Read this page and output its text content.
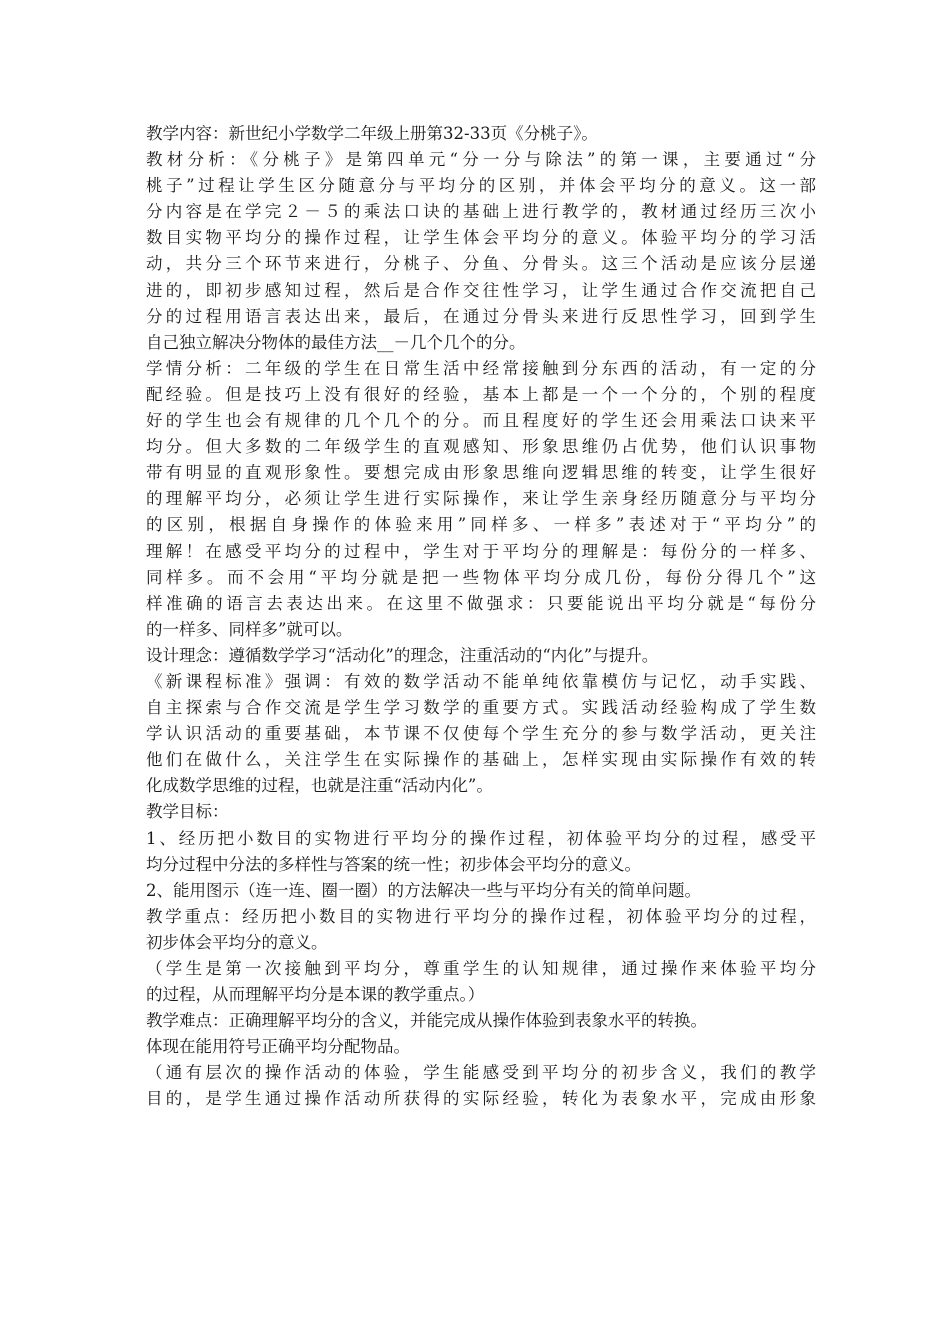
教学内容：新世纪小学数学二年级上册第32-33页《分桃子》。
教材分析：《分桃子》是第四单元“分一分与除法”的第一课，主要通过“分
桃子”过程让学生区分随意分与平均分的区别，并体会平均分的意义。这一部
分内容是在学完２－５的乘法口诀的基础上进行教学的，教材通过经历三次小
数目实物平均分的操作过程，让学生体会平均分的意义。体验平均分的学习活
动，共分三个环节来进行，分桃子、分鱼、分骨头。这三个活动是应该分层递
进的，即初步感知过程，然后是合作交往性学习，让学生通过合作交流把自己
分的过程用语言表达出来，最后，在通过分骨头来进行反思性学习，回到学生
自己独立解决分物体的最佳方法__－几个几个的分。
学情分析：二年级的学生在日常生活中经常接触到分东西的活动，有一定的分
配经验。但是技巧上没有很好的经验，基本上都是一个一个分的，个别的程度
好的学生也会有规律的几个几个的分。而且程度好的学生还会用乘法口诀来平
均分。但大多数的二年级学生的直观感知、形象思维仍占优势，他们认识事物
带有明显的直观形象性。要想完成由形象思维向逻辑思维的转变，让学生很好
的理解平均分，必须让学生进行实际操作，来让学生亲身经历随意分与平均分
的区别，根据自身操作的体验来用”同样多、一样多”表述对于“平均分”的
理解！在感受平均分的过程中，学生对于平均分的理解是：每份分的一样多、
同样多。而不会用“平均分就是把一些物体平均分成几份，每份分得几个”这
样准确的语言去表达出来。在这里不做强求：只要能说出平均分就是“每份分
的一样多、同样多”就可以。
设计理念：遵循数学学习“活动化”的理念，注重活动的“内化”与提升。
《新课程标准》强调：有效的数学活动不能单纯依靠模仿与记忆，动手实践、
自主探索与合作交流是学生学习数学的重要方式。实践活动经验构成了学生数
学认识活动的重要基础，本节课不仅使每个学生充分的参与数学活动，更关注
他们在做什么，关注学生在实际操作的基础上，怎样实现由实际操作有效的转
化成数学思维的过程，也就是注重“活动内化”。
教学目标：
1、经历把小数目的实物进行平均分的操作过程，初体验平均分的过程，感受平
均分过程中分法的多样性与答案的统一性；初步体会平均分的意义。
2、能用图示（连一连、圈一圈）的方法解决一些与平均分有关的简单问题。
教学重点：经历把小数目的实物进行平均分的操作过程，初体验平均分的过程，
初步体会平均分的意义。
（学生是第一次接触到平均分，尊重学生的认知规律，通过操作来体验平均分
的过程，从而理解平均分是本课的教学重点。）
教学难点：正确理解平均分的含义，并能完成从操作体验到表象水平的转换。
体现在能用符号正确平均分配物品。
（通有层次的操作活动的体验，学生能感受到平均分的初步含义，我们的教学
目的，是学生通过操作活动所获得的实际经验，转化为表象水平，完成由形象
